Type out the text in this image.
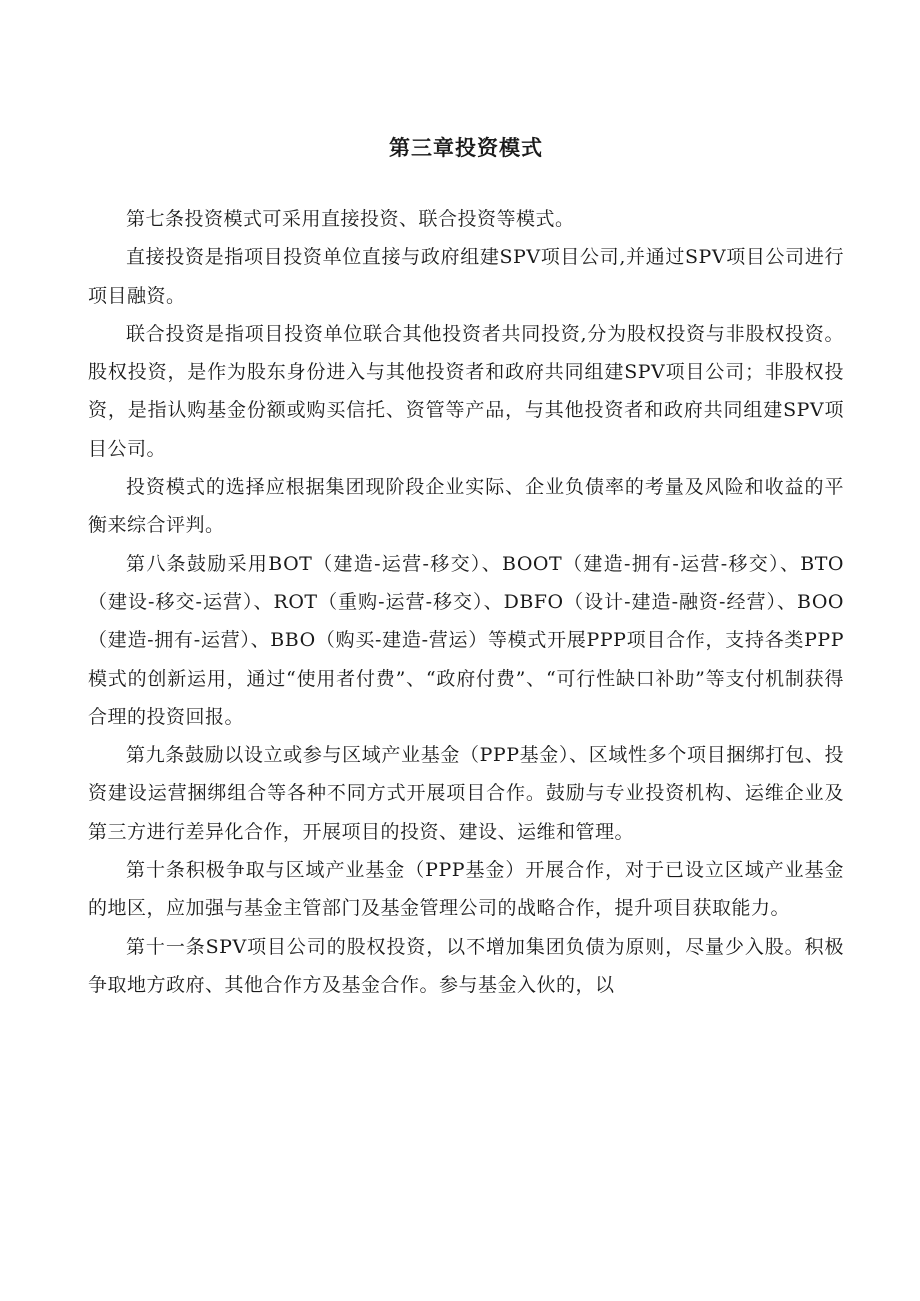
第三章投资模式

第七条投资模式可采用直接投资、联合投资等模式。

直接投资是指项目投资单位直接与政府组建SPV项目公司,并通过SPV项目公司进行项目融资。

联合投资是指项目投资单位联合其他投资者共同投资,分为股权投资与非股权投资。股权投资，是作为股东身份进入与其他投资者和政府共同组建SPV项目公司；非股权投资，是指认购基金份额或购买信托、资管等产品，与其他投资者和政府共同组建SPV项目公司。

投资模式的选择应根据集团现阶段企业实际、企业负债率的考量及风险和收益的平衡来综合评判。

第八条鼓励采用BOT（建造-运营-移交）、BOOT（建造-拥有-运营-移交）、BTO（建设-移交-运营）、ROT（重购-运营-移交）、DBFO（设计-建造-融资-经营）、BOO（建造-拥有-运营）、BBO（购买-建造-营运）等模式开展PPP项目合作，支持各类PPP模式的创新运用，通过“使用者付费”、“政府付费”、“可行性缺口补助”等支付机制获得合理的投资回报。

第九条鼓励以设立或参与区域产业基金（PPP基金）、区域性多个项目捆绑打包、投资建设运营捆绑组合等各种不同方式开展项目合作。鼓励与专业投资机构、运维企业及第三方进行差异化合作，开展项目的投资、建设、运维和管理。

第十条积极争取与区域产业基金（PPP基金）开展合作，对于已设立区域产业基金的地区，应加强与基金主管部门及基金管理公司的战略合作，提升项目获取能力。

第十一条SPV项目公司的股权投资，以不增加集团负债为原则，尽量少入股。积极争取地方政府、其他合作方及基金合作。参与基金入伙的，以
